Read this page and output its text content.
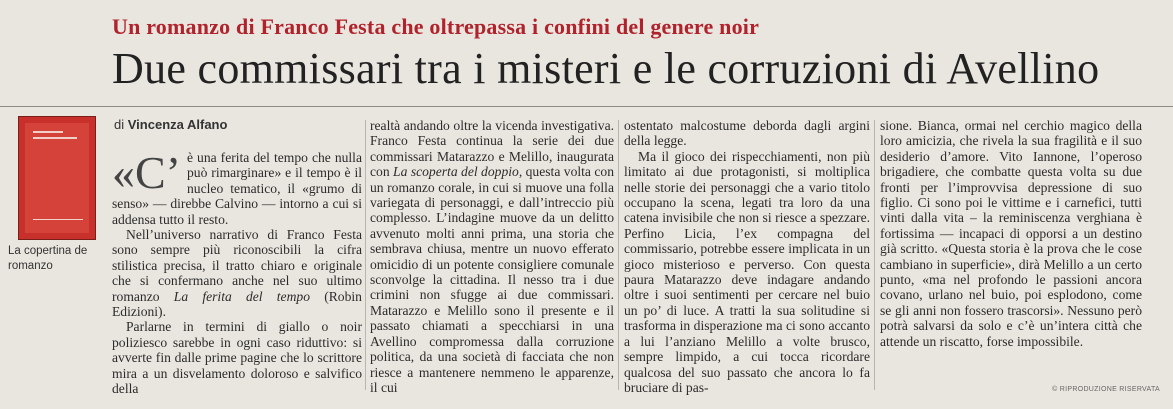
Un romanzo di Franco Festa che oltrepassa i confini del genere noir
Due commissari tra i misteri e le corruzioni di Avellino
La copertina de romanzo
di Vincenza Alfano

«C’ è una ferita del tempo che nulla può rimarginare» e il tempo è il nucleo tematico, il «grumo di senso» — direbbe Calvino — intorno a cui si addensa tutto il resto.

Nell’universo narrativo di Franco Festa sono sempre più riconoscibili la cifra stilistica precisa, il tratto chiaro e originale che si confermano anche nel suo ultimo romanzo La ferita del tempo (Robin Edizioni).

Parlarne in termini di giallo o noir poliziesco sarebbe in ogni caso riduttivo: si avverte fin dalle prime pagine che lo scrittore mira a un disvelamento doloroso e salvifico della

realtà andando oltre la vicenda investigativa. Franco Festa continua la serie dei due commissari Matarazzo e Melillo, inaugurata con La scoperta del doppio, questa volta con un romanzo corale, in cui si muove una folla variegata di personaggi, e dall’intreccio più complesso. L’indagine muove da un delitto avvenuto molti anni prima, una storia che sembrava chiusa, mentre un nuovo efferato omicidio di un potente consigliere comunale sconvolge la cittadina. Il nesso tra i due crimini non sfugge ai due commissari. Matarazzo e Melillo sono il presente e il passato chiamati a specchiarsi in una Avellino compromessa dalla corruzione politica, da una società di facciata che non riesce a mantenere nemmeno le apparenze, il cui

ostentato malcostume deborda dagli argini della legge.

Ma il gioco dei rispecchiamenti, non più limitato ai due protagonisti, si moltiplica nelle storie dei personaggi che a vario titolo occupano la scena, legati tra loro da una catena invisibile che non si riesce a spezzare. Perfino Licia, l’ex compagna del commissario, potrebbe essere implicata in un gioco misterioso e perverso. Con questa paura Matarazzo deve indagare andando oltre i suoi sentimenti per cercare nel buio un po’ di luce. A tratti la sua solitudine si trasforma in disperazione ma ci sono accanto a lui l’anziano Melillo a volte brusco, sempre limpido, a cui tocca ricordare qualcosa del suo passato che ancora lo fa bruciare di pas-

sione. Bianca, ormai nel cerchio magico della loro amicizia, che rivela la sua fragilità e il suo desiderio d’amore. Vito Iannone, l’operoso brigadiere, che combatte questa volta su due fronti per l’improvvisa depressione di suo figlio. Ci sono poi le vittime e i carnefici, tutti vinti dalla vita – la reminiscenza verghiana è fortissima — incapaci di opporsi a un destino già scritto. «Questa storia è la prova che le cose cambiano in superficie», dirà Melillo a un certo punto, «ma nel profondo le passioni ancora covano, urlano nel buio, poi esplodono, come se gli anni non fossero trascorsi». Nessuno però potrà salvarsi da solo e c’è un’intera città che attende un riscatto, forse impossibile.

© RIPRODUZIONE RISERVATA
